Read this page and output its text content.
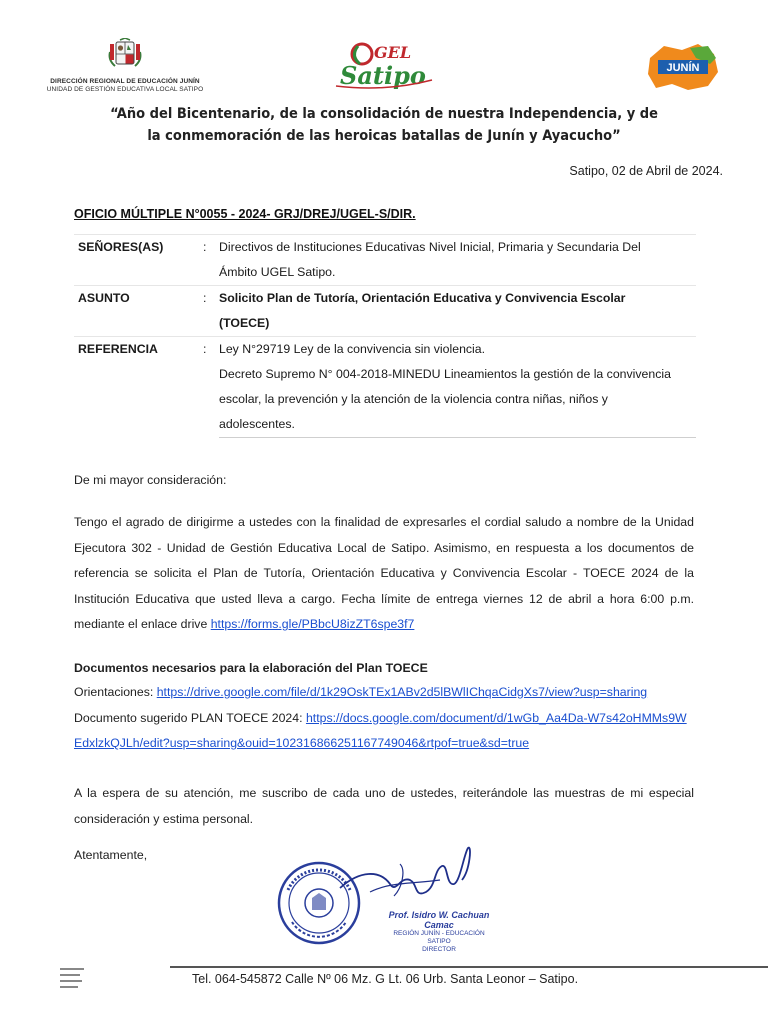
DIRECCIÓN REGIONAL DE EDUCACIÓN JUNÍN
UNIDAD DE GESTIÓN EDUCATIVA LOCAL SATIPO
GEL
Satipo	JUNÍN
“Año del Bicentenario, de la consolidación de nuestra Independencia, y de
la conmemoración de las heroicas batallas de Junín y Ayacucho”
Satipo, 02 de Abril de 2024.
OFICIO MÚLTIPLE N°0055 - 2024- GRJ/DREJ/UGEL-S/DIR.
SEÑORES(AS)	:	Directivos de Instituciones Educativas Nivel Inicial, Primaria y Secundaria Del
Ámbito UGEL Satipo.

ASUNTO	:	Solicito Plan de Tutoría, Orientación Educativa y Convivencia Escolar
(TOECE)

REFERENCIA	:	Ley N°29719 Ley de la convivencia sin violencia.
Decreto Supremo N° 004-2018-MINEDU Lineamientos la gestión de la convivencia
escolar, la prevención y la atención de la violencia contra niñas, niños y
adolescentes.
De mi mayor consideración:
Tengo el agrado de dirigirme a ustedes con la finalidad de expresarles el cordial saludo a nombre de la Unidad Ejecutora 302 - Unidad de Gestión Educativa Local de Satipo. Asimismo, en respuesta a los documentos de referencia se solicita el Plan de Tutoría, Orientación Educativa y Convivencia Escolar - TOECE 2024 de la Institución Educativa que usted lleva a cargo. Fecha límite de entrega viernes 12 de abril a hora 6:00 p.m. mediante el enlace drive https://forms.gle/PBbcU8izZT6spe3f7
Documentos necesarios para la elaboración del Plan TOECE
Orientaciones: https://drive.google.com/file/d/1k29OskTEx1ABv2d5lBWlIChqaCidgXs7/view?usp=sharing
Documento sugerido PLAN TOECE 2024: https://docs.google.com/document/d/1wGb_Aa4Da-W7s42oHMMs9WEdxlzkQJLh/edit?usp=sharing&ouid=102316866251167749046&rtpof=true&sd=true
A la espera de su atención, me suscribo de cada uno de ustedes, reiterándole las muestras de mi especial consideración y estima personal.
Atentamente,
Prof. Isidro W. Cachuan Camac
REGIÓN JUNÍN - EDUCACIÓN SATIPO
DIRECTOR
Tel. 064-545872 Calle Nº 06 Mz. G Lt. 06 Urb. Santa Leonor – Satipo.
